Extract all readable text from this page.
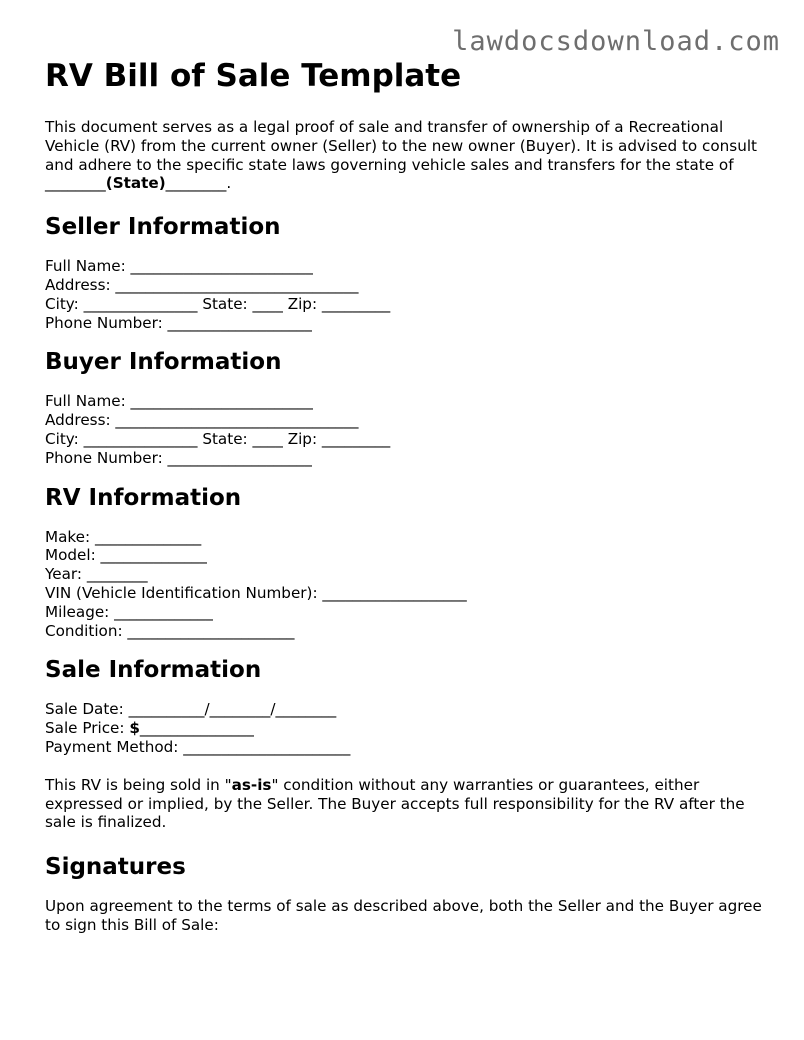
lawdocsdownload.com
RV Bill of Sale Template

This document serves as a legal proof of sale and transfer of ownership of a Recreational Vehicle (RV) from the current owner (Seller) to the new owner (Buyer). It is advised to consult and adhere to the specific state laws governing vehicle sales and transfers for the state of ________(State)________.

Seller Information
Full Name: ________________________
Address: ________________________________
City: _______________ State: ____ Zip: _________
Phone Number: ___________________
Buyer Information
Full Name: ________________________
Address: ________________________________
City: _______________ State: ____ Zip: _________
Phone Number: ___________________
RV Information
Make: ______________
Model: ______________
Year: ________
VIN (Vehicle Identification Number): ___________________
Mileage: _____________
Condition: ______________________
Sale Information
Sale Date: __________/________/________
Sale Price: $_______________
Payment Method: ______________________

This RV is being sold in "as-is" condition without any warranties or guarantees, either expressed or implied, by the Seller. The Buyer accepts full responsibility for the RV after the sale is finalized.

Signatures

Upon agreement to the terms of sale as described above, both the Seller and the Buyer agree to sign this Bill of Sale:
